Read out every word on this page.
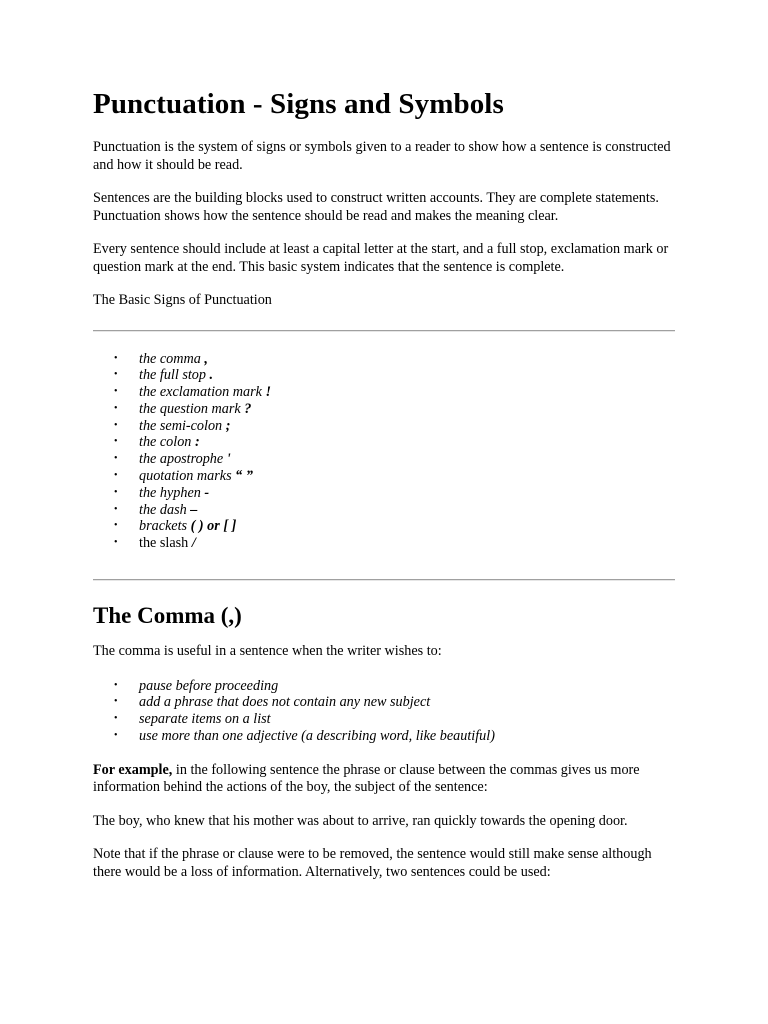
Punctuation - Signs and Symbols

Punctuation is the system of signs or symbols given to a reader to show how a sentence is constructed and how it should be read.

Sentences are the building blocks used to construct written accounts. They are complete statements. Punctuation shows how the sentence should be read and makes the meaning clear.

Every sentence should include at least a capital letter at the start, and a full stop, exclamation mark or question mark at the end. This basic system indicates that the sentence is complete.

The Basic Signs of Punctuation

• the comma ,
• the full stop .
• the exclamation mark !
• the question mark ?
• the semi-colon ;
• the colon :
• the apostrophe '
• quotation marks “ ”
• the hyphen -
• the dash –
• brackets ( ) or [ ]
• the slash /
The Comma (,)

The comma is useful in a sentence when the writer wishes to:

• pause before proceeding
• add a phrase that does not contain any new subject
• separate items on a list
• use more than one adjective (a describing word, like beautiful)

For example, in the following sentence the phrase or clause between the commas gives us more information behind the actions of the boy, the subject of the sentence:

The boy, who knew that his mother was about to arrive, ran quickly towards the opening door.

Note that if the phrase or clause were to be removed, the sentence would still make sense although there would be a loss of information. Alternatively, two sentences could be used:
